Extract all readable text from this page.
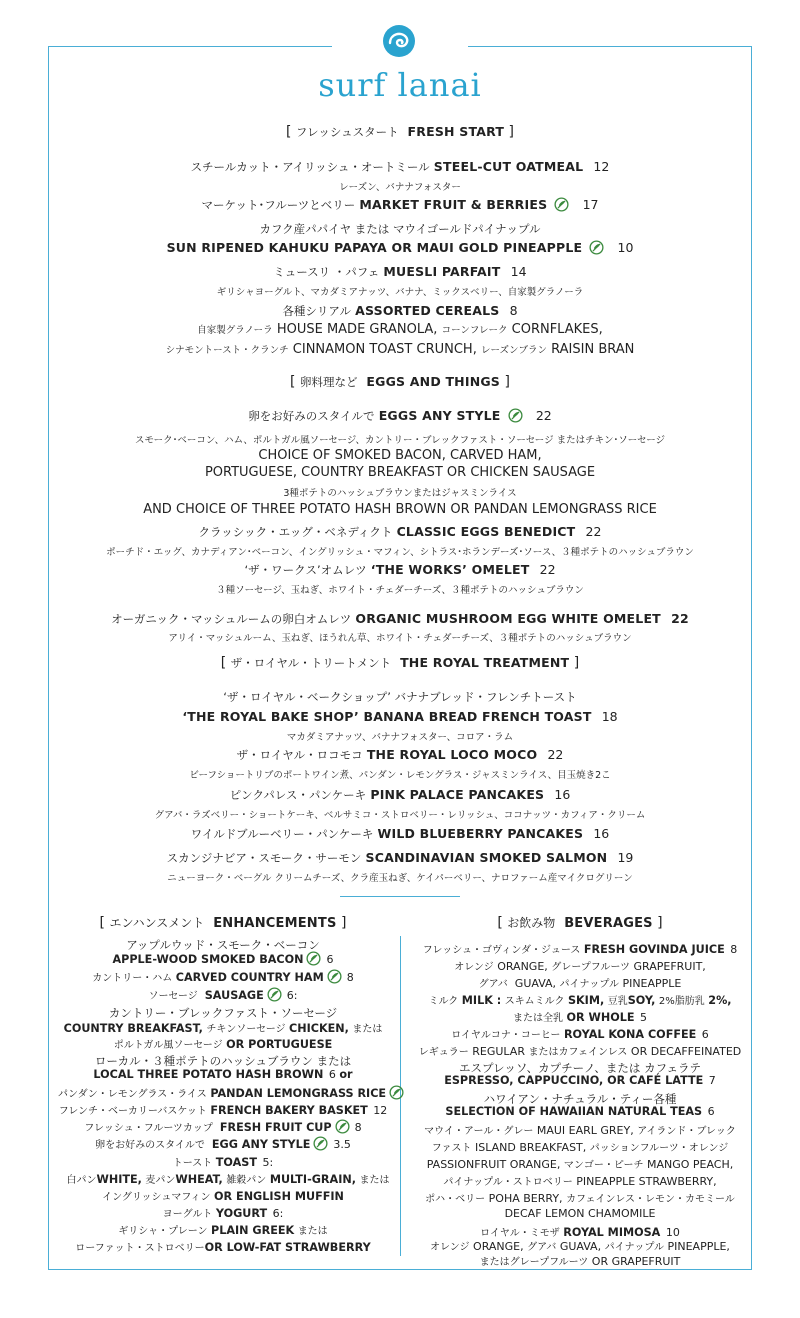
surf lanai
[ フレッシュスタート FRESH START ]
スチールカット・アイリッシュ・オートミール STEEL-CUT OATMEAL 12
レーズン、バナナフォスター
マーケット･フルーツとベリー MARKET FRUIT & BERRIES	17
カフク産パパイヤ または マウイゴールドパイナップル
SUN RIPENED KAHUKU PAPAYA OR MAUI GOLD PINEAPPLE	10
ミュースリ ・パフェ MUESLI PARFAIT 14
ギリシャヨーグルト、マカダミアナッツ、バナナ、ミックスベリー、自家製グラノーラ
各種シリアル ASSORTED CEREALS 8
自家製グラノーラ HOUSE MADE GRANOLA, コーンフレーク CORNFLAKES,
シナモントースト・クランチ CINNAMON TOAST CRUNCH, レーズンブラン RAISIN BRAN
[ 卵料理など EGGS AND THINGS ]
卵をお好みのスタイルで EGGS ANY STYLE	22
スモーク･ベーコン、ハム、ポルトガル風ソーセージ、カントリー・ブレックファスト・ソーセージ またはチキン･ソーセージ
CHOICE OF SMOKED BACON, CARVED HAM,
PORTUGUESE, COUNTRY BREAKFAST OR CHICKEN SAUSAGE
3種ポテトのハッシュブラウンまたはジャスミンライス
AND CHOICE OF THREE POTATO HASH BROWN OR PANDAN LEMONGRASS RICE
クラッシック・エッグ・ベネディクト CLASSIC EGGS BENEDICT 22
ポーチド・エッグ、カナディアン･ベーコン、イングリッシュ・マフィン、シトラス･ホランデーズ･ソース、３種ポテトのハッシュブラウン
‘ザ・ワークス’オムレツ ‘THE WORKS’ OMELET 22
３種ソーセージ、玉ねぎ、ホワイト・チェダーチーズ、３種ポテトのハッシュブラウン
オーガニック・マッシュルームの卵白オムレツ ORGANIC MUSHROOM EGG WHITE OMELET 22
アリイ・マッシュルーム、玉ねぎ、ほうれん草、ホワイト・チェダーチーズ、３種ポテトのハッシュブラウン
[ ザ・ロイヤル・トリートメント THE ROYAL TREATMENT ]
‘ザ・ロイヤル・ベークショップ’ バナナブレッド・フレンチトースト
‘THE ROYAL BAKE SHOP’ BANANA BREAD FRENCH TOAST 18
マカダミアナッツ、バナナフォスター、コロア・ラム
ザ・ロイヤル・ロコモコ THE ROYAL LOCO MOCO 22
ビーフショートリブのポートワイン煮、パンダン・レモングラス・ジャスミンライス、目玉焼き2こ
ピンクパレス・パンケーキ PINK PALACE PANCAKES 16
グアバ・ラズベリー・ショートケーキ、ベルサミコ・ストロベリー・レリッシュ、ココナッツ・カフィア・クリーム
ワイルドブルーベリー・パンケーキ WILD BLUEBERRY PANCAKES 16
スカンジナビア・スモーク・サーモン SCANDINAVIAN SMOKED SALMON 19
ニューヨーク・ベーグル クリームチーズ、クラ産玉ねぎ、ケイパーベリー、ナロファーム産マイクログリーン
[ エンハンスメント ENHANCEMENTS ]
アップルウッド・スモーク・ベーコン
APPLE-WOOD SMOKED BACON 6
カントリー・ハム CARVED COUNTRY HAM 8
ソーセージ SAUSAGE 6:
カントリー・ブレックファスト・ソーセージ
COUNTRY BREAKFAST, チキンソーセージ CHICKEN, または
ポルトガル風ソーセージ OR PORTUGUESE
ローカル・３種ポテトのハッシュブラウン または
LOCAL THREE POTATO HASH BROWN 6 or
パンダン・レモングラス・ライス PANDAN LEMONGRASS RICE
フレンチ・ベーカリーバスケット FRENCH BAKERY BASKET 12
フレッシュ・フルーツカップ FRESH FRUIT CUP 8
卵をお好みのスタイルで EGG ANY STYLE 3.5
トースト TOAST 5:
白パンWHITE, 麦パンWHEAT, 雑穀パン MULTI-GRAIN, または
イングリッシュマフィン OR ENGLISH MUFFIN
ヨーグルト YOGURT 6:
ギリシャ・プレーン PLAIN GREEK または
ローファット・ストロベリーOR LOW-FAT STRAWBERRY
[ お飲み物 BEVERAGES ]
フレッシュ・ゴヴィンダ・ジュース FRESH GOVINDA JUICE 8
オレンジ ORANGE, グレープフルーツ GRAPEFRUIT,
グアバ GUAVA, パイナップル PINEAPPLE
ミルク MILK : スキムミルク SKIM, 豆乳SOY, 2%脂肪乳 2%,
または全乳 OR WHOLE 5
ロイヤルコナ・コーヒー ROYAL KONA COFFEE 6
レギュラー REGULAR またはカフェインレス OR DECAFFEINATED
エスプレッソ、カプチーノ、または カフェラテ
ESPRESSO, CAPPUCCINO, OR CAFÉ LATTE 7
ハワイアン・ナチュラル・ティー各種
SELECTION OF HAWAIIAN NATURAL TEAS 6
マウイ・アール・グレー MAUI EARL GREY, アイランド・ブレック
ファスト ISLAND BREAKFAST, パッションフルーツ・オレンジ
PASSIONFRUIT ORANGE, マンゴー・ピーチ MANGO PEACH,
パイナップル・ストロベリー PINEAPPLE STRAWBERRY,
ポハ・ベリー POHA BERRY, カフェインレス・レモン・カモミール
DECAF LEMON CHAMOMILE
ロイヤル・ミモザ ROYAL MIMOSA 10
オレンジ ORANGE, グアバ GUAVA, パイナップル PINEAPPLE,
またはグレープフルーツ OR GRAPEFRUIT
